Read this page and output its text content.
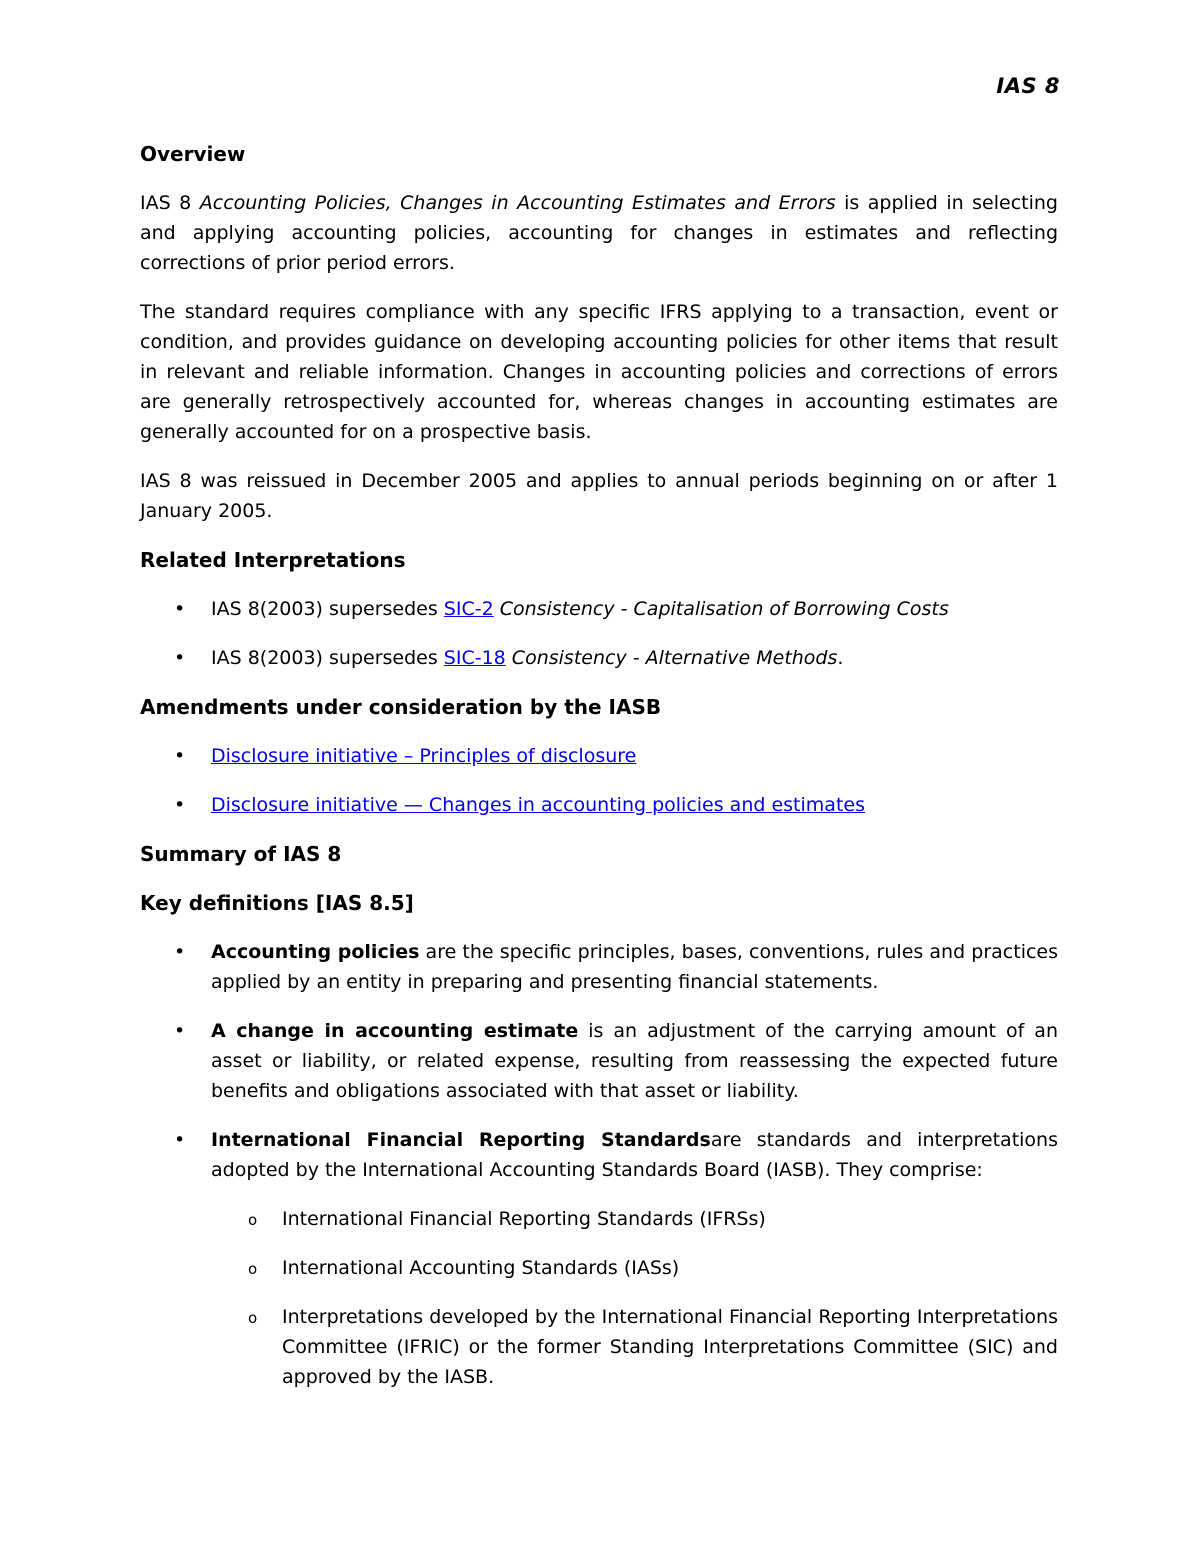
IAS 8
Overview

IAS 8 Accounting Policies, Changes in Accounting Estimates and Errors is applied in selecting and applying accounting policies, accounting for changes in estimates and reflecting corrections of prior period errors.

The standard requires compliance with any specific IFRS applying to a transaction, event or condition, and provides guidance on developing accounting policies for other items that result in relevant and reliable information. Changes in accounting policies and corrections of errors are generally retrospectively accounted for, whereas changes in accounting estimates are generally accounted for on a prospective basis.

IAS 8 was reissued in December 2005 and applies to annual periods beginning on or after 1 January 2005.

Related Interpretations
• IAS 8(2003) supersedes SIC-2 Consistency - Capitalisation of Borrowing Costs
• IAS 8(2003) supersedes SIC-18 Consistency - Alternative Methods.
Amendments under consideration by the IASB
• Disclosure initiative – Principles of disclosure
• Disclosure initiative — Changes in accounting policies and estimates
Summary of IAS 8
Key definitions [IAS 8.5]
• Accounting policies are the specific principles, bases, conventions, rules and practices applied by an entity in preparing and presenting financial statements.
• A change in accounting estimate is an adjustment of the carrying amount of an asset or liability, or related expense, resulting from reassessing the expected future benefits and obligations associated with that asset or liability.
• International Financial Reporting Standardsare standards and interpretations adopted by the International Accounting Standards Board (IASB). They comprise:
o International Financial Reporting Standards (IFRSs)
o International Accounting Standards (IASs)
o Interpretations developed by the International Financial Reporting Interpretations Committee (IFRIC) or the former Standing Interpretations Committee (SIC) and approved by the IASB.
